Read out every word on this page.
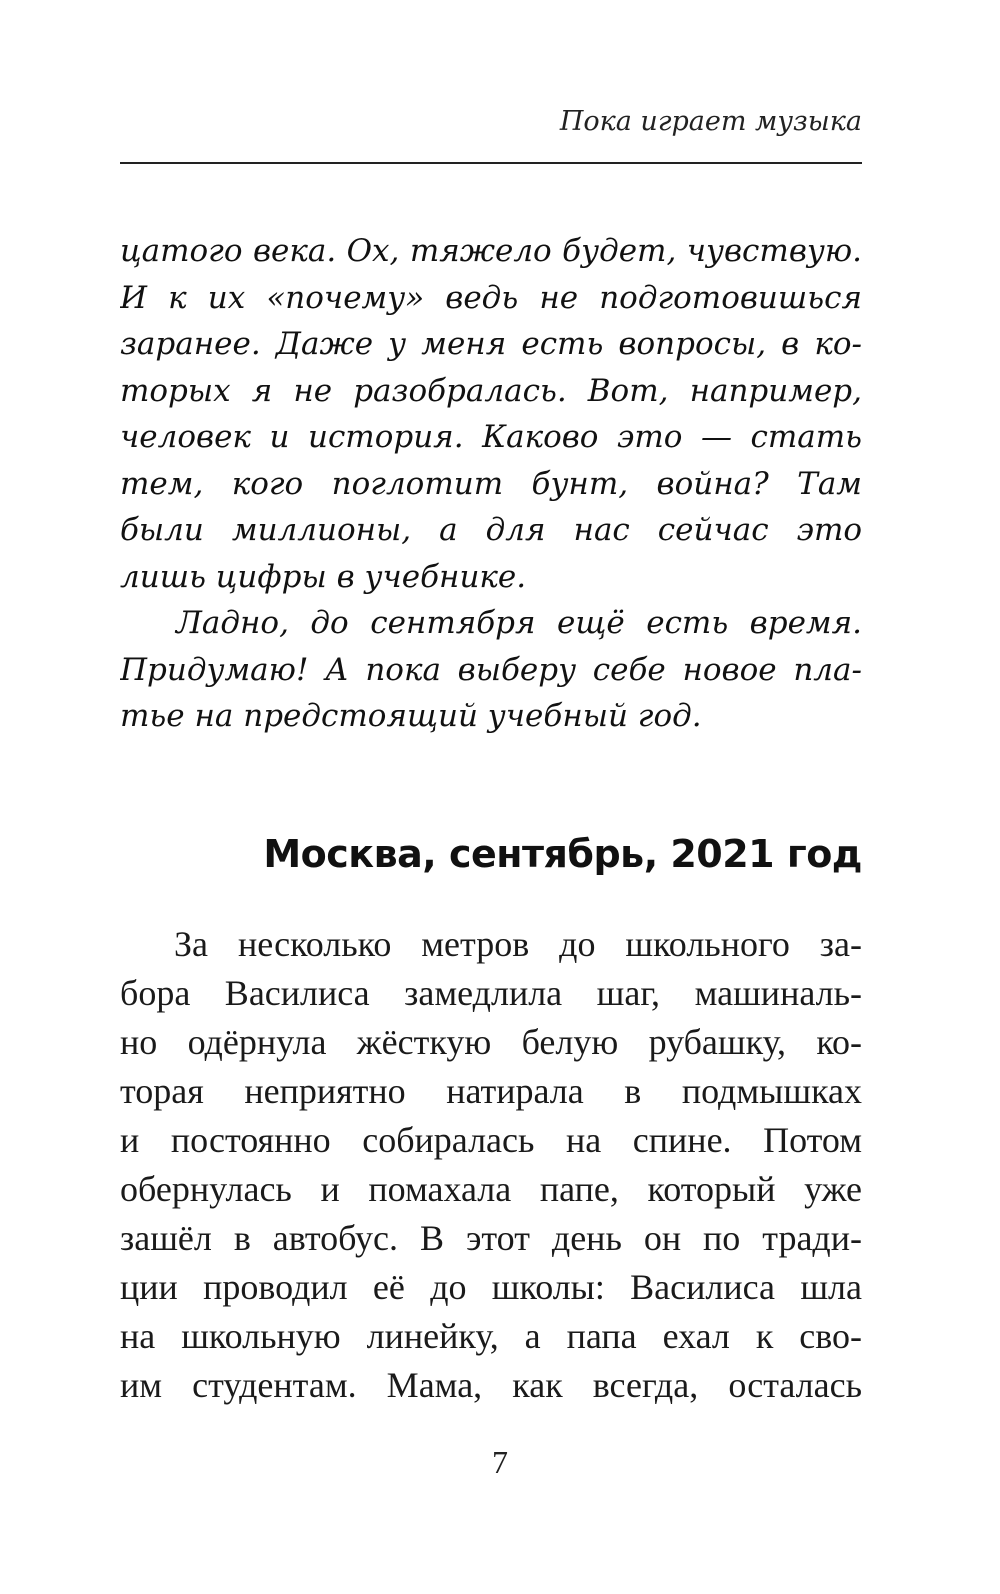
Пока играет музыка
цатого века. Ох, тяжело будет, чувствую.
И к их «почему» ведь не подготовишься
заранее. Даже у меня есть вопросы, в ко-
торых я не разобралась. Вот, например,
человек и история. Каково это — стать
тем, кого поглотит бунт, война? Там
были миллионы, а для нас сейчас это
лишь цифры в учебнике.
Ладно, до сентября ещё есть время.
Придумаю! А пока выберу себе новое пла-
тье на предстоящий учебный год.
Москва, сентябрь, 2021 год
За несколько метров до школьного за-
бора Василиса замедлила шаг, машиналь-
но одёрнула жёсткую белую рубашку, ко-
торая неприятно натирала в подмышках
и постоянно собиралась на спине. Потом
обернулась и помахала папе, который уже
зашёл в автобус. В этот день он по тради-
ции проводил её до школы: Василиса шла
на школьную линейку, а папа ехал к сво-
им студентам. Мама, как всегда, осталась
7
